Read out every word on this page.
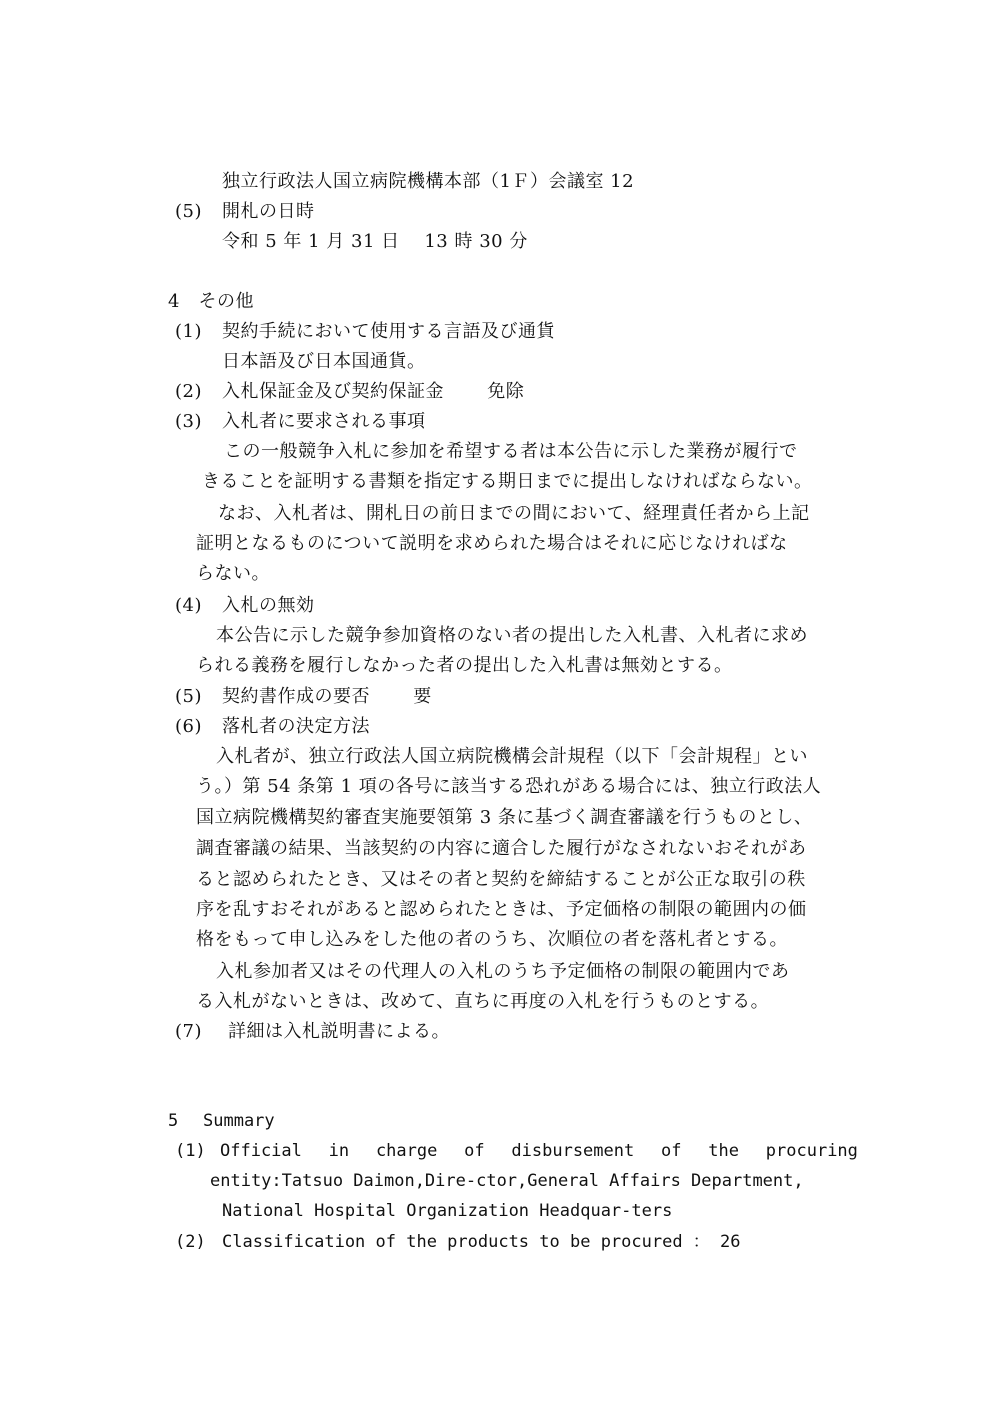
独立行政法人国立病院機構本部（1Ｆ）会議室 12
(5) 開札の日時
令和 5 年 1 月 31 日　 13 時 30 分
4　その他
(1) 契約手続において使用する言語及び通貨
日本語及び日本国通貨。
(2) 入札保証金及び契約保証金　　 免除
(3) 入札者に要求される事項
この一般競争入札に参加を希望する者は本公告に示した業務が履行で
きることを証明する書類を指定する期日までに提出しなければならない。
なお、入札者は、開札日の前日までの間において、経理責任者から上記
証明となるものについて説明を求められた場合はそれに応じなければな
らない。
(4) 入札の無効
本公告に示した競争参加資格のない者の提出した入札書、入札者に求め
られる義務を履行しなかった者の提出した入札書は無効とする。
(5) 契約書作成の要否　　 要
(6) 落札者の決定方法
入札者が、独立行政法人国立病院機構会計規程（以下「会計規程」とい
う。）第 54 条第 1 項の各号に該当する恐れがある場合には、独立行政法人
国立病院機構契約審査実施要領第 3 条に基づく調査審議を行うものとし、
調査審議の結果、当該契約の内容に適合した履行がなされないおそれがあ
ると認められたとき、又はその者と契約を締結することが公正な取引の秩
序を乱すおそれがあると認められたときは、予定価格の制限の範囲内の価
格をもって申し込みをした他の者のうち、次順位の者を落札者とする。
入札参加者又はその代理人の入札のうち予定価格の制限の範囲内であ
る入札がないときは、改めて、直ちに再度の入札を行うものとする。
(7) 詳細は入札説明書による。
5 Summary
(1) Official in charge of disbursement of the procuring
entity:Tatsuo Daimon,Dire-ctor,General Affairs Department,
National Hospital Organization Headquar-ters
(2) Classification of the products to be procured ： 26
